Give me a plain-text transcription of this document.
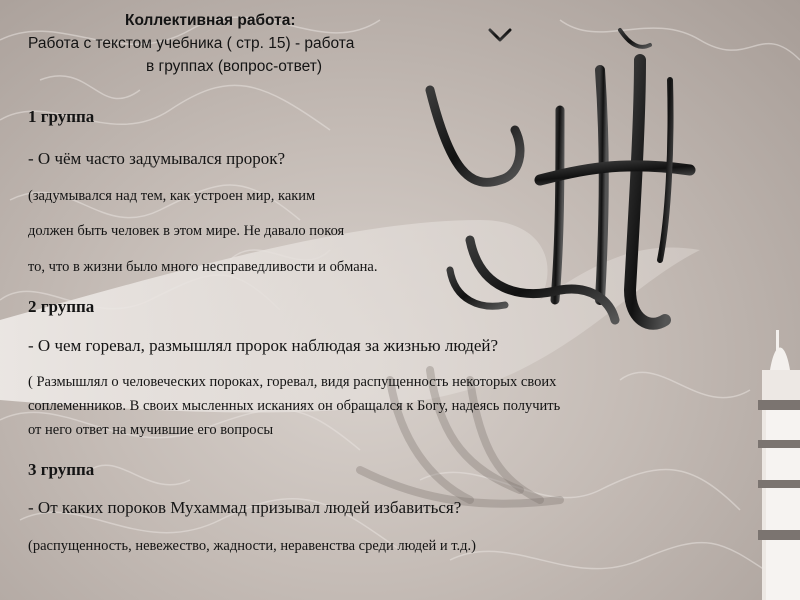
Коллективная работа:
Работа с текстом учебника ( стр. 15) - работа
в группах (вопрос-ответ)
1 группа
- О чём часто задумывался пророк?
(задумывался над тем, как устроен мир, каким
должен быть человек в этом мире. Не давало покоя
то, что в жизни было много несправедливости и обмана.
2 группа
- О чем горевал, размышлял пророк наблюдая за жизнью людей?
( Размышлял о человеческих пороках, горевал, видя распущенность некоторых своих
соплеменников. В своих мысленных исканиях он обращался к Богу, надеясь получить
от него ответ на мучившие его вопросы
3 группа
- От каких пороков Мухаммад призывал людей избавиться?
(распущенность, невежество, жадности, неравенства среди людей и т.д.)
